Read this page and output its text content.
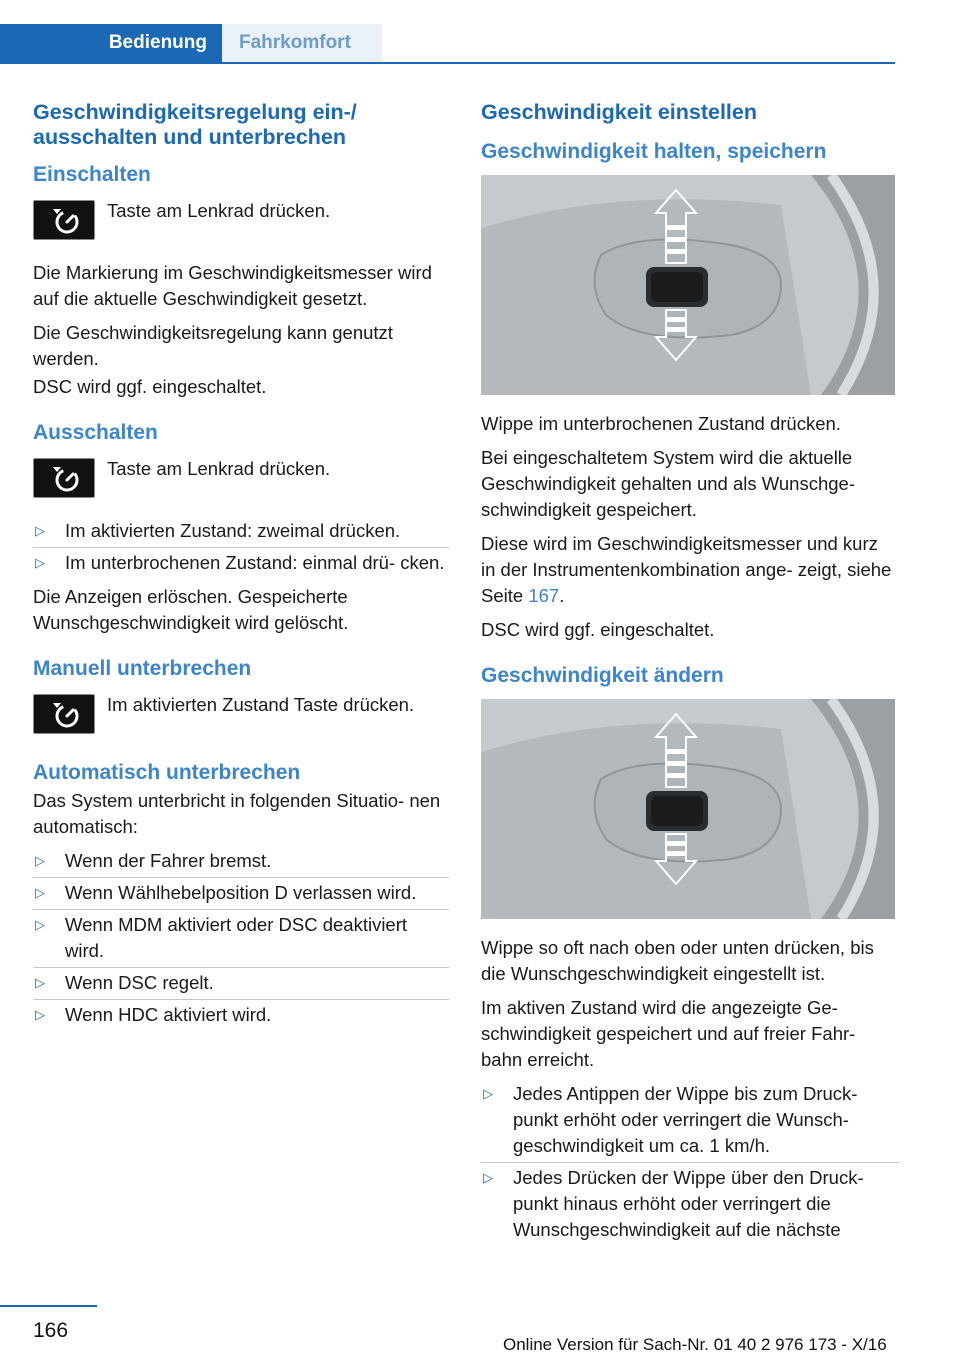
Bedienung	Fahrkomfort
Geschwindigkeitsregelung ein-/ ausschalten und unterbrechen
Einschalten
Taste am Lenkrad drücken.

Die Markierung im Geschwindigkeitsmesser wird auf die aktuelle Geschwindigkeit gesetzt.

Die Geschwindigkeitsregelung kann genutzt werden.

DSC wird ggf. eingeschaltet.

Ausschalten
Taste am Lenkrad drücken.
▷ Im aktivierten Zustand: zweimal drücken.
▷ Im unterbrochenen Zustand: einmal drü‐ cken.

Die Anzeigen erlöschen. Gespeicherte Wunschgeschwindigkeit wird gelöscht.

Manuell unterbrechen
Im aktivierten Zustand Taste drücken.
Automatisch unterbrechen

Das System unterbricht in folgenden Situatio‐ nen automatisch:

▷ Wenn der Fahrer bremst.
▷ Wenn Wählhebelposition D verlassen wird.
▷ Wenn MDM aktiviert oder DSC deaktiviert wird.
▷ Wenn DSC regelt.
▷ Wenn HDC aktiviert wird.
Geschwindigkeit einstellen
Geschwindigkeit halten, speichern

Wippe im unterbrochenen Zustand drücken.

Bei eingeschaltetem System wird die aktuelle Geschwindigkeit gehalten und als Wunschge‐ schwindigkeit gespeichert.

Diese wird im Geschwindigkeitsmesser und kurz in der Instrumentenkombination ange‐ zeigt, siehe Seite 167.

DSC wird ggf. eingeschaltet.

Geschwindigkeit ändern

Wippe so oft nach oben oder unten drücken, bis die Wunschgeschwindigkeit eingestellt ist.

Im aktiven Zustand wird die angezeigte Ge‐ schwindigkeit gespeichert und auf freier Fahr‐ bahn erreicht.

▷ Jedes Antippen der Wippe bis zum Druck‐ punkt erhöht oder verringert die Wunsch‐ geschwindigkeit um ca. 1 km/h.
▷ Jedes Drücken der Wippe über den Druck‐ punkt hinaus erhöht oder verringert die Wunschgeschwindigkeit auf die nächste
166
Online Version für Sach-Nr. 01 40 2 976 173 - X/16
